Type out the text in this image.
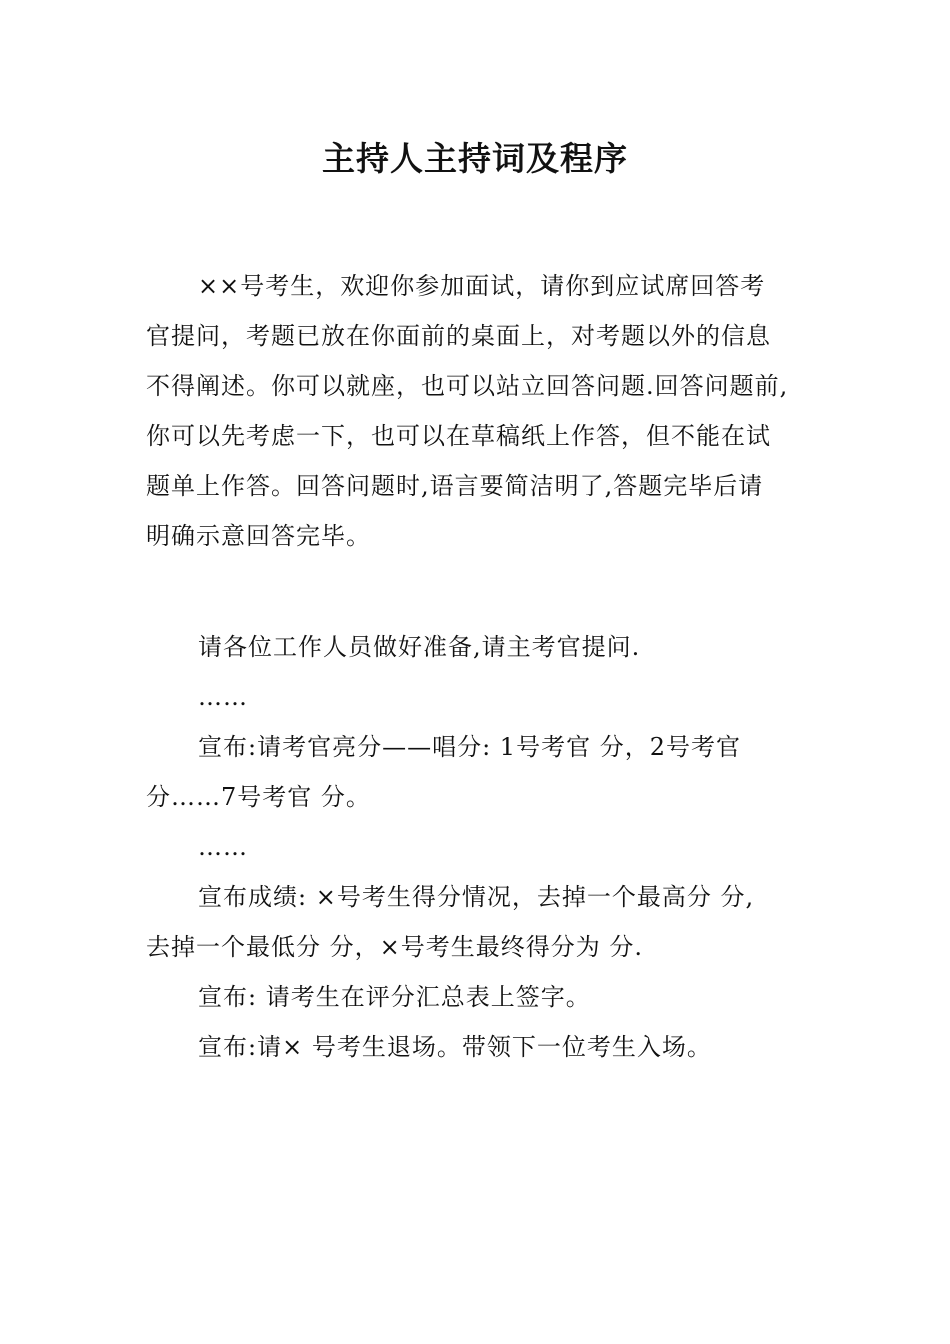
主持人主持词及程序
××号考生，欢迎你参加面试，请你到应试席回答考
官提问，考题已放在你面前的桌面上，对考题以外的信息
不得阐述。你可以就座，也可以站立回答问题.回答问题前,
你可以先考虑一下，也可以在草稿纸上作答，但不能在试
题单上作答。回答问题时,语言要简洁明了,答题完毕后请
明确示意回答完毕。
请各位工作人员做好准备,请主考官提问.
……
宣布:请考官亮分——唱分: 1号考官 分，2号考官
分……7号考官 分。
……
宣布成绩: ×号考生得分情况，去掉一个最高分 分,
去掉一个最低分 分，×号考生最终得分为 分.
宣布: 请考生在评分汇总表上签字。
宣布:请× 号考生退场。带领下一位考生入场。
